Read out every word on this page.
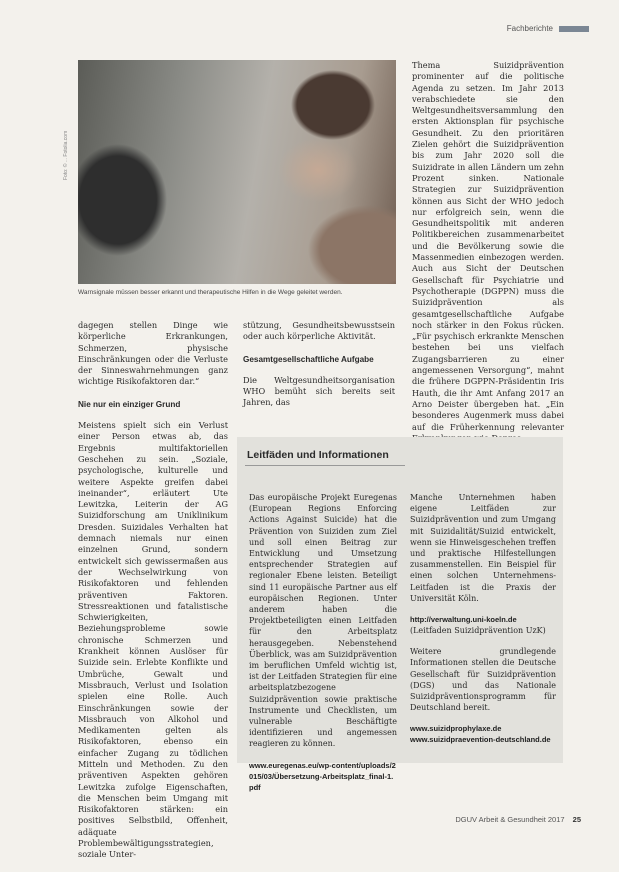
Fachberichte
Foto: © ... Fotolia.com
Warnsignale müssen besser erkannt und therapeutische Hilfen in die Wege geleitet werden.

dagegen stellen Dinge wie körperliche Erkrankungen, Schmerzen, physische Einschränkungen oder die Verluste der Sinneswahrnehmungen ganz wichtige Risikofaktoren dar.“

Nie nur ein einziger Grund

Meistens spielt sich ein Verlust einer Person etwas ab, das Ergebnis multifaktoriellen Geschehen zu sein. „Soziale, psychologische, kulturelle und weitere Aspekte greifen dabei ineinander“, erläutert Ute Lewitzka, Leiterin der AG Suizidforschung am Uniklinikum Dresden. Suizidales Verhalten hat demnach niemals nur einen einzelnen Grund, sondern entwickelt sich gewissermaßen aus der Wechselwirkung von Risikofaktoren und fehlenden präventiven Faktoren. Stressreaktionen und fatalistische Schwierigkeiten, Beziehungsprobleme sowie chronische Schmerzen und Krankheit können Auslöser für Suizide sein. Erlebte Konflikte und Umbrüche, Gewalt und Missbrauch, Verlust und Isolation spielen eine Rolle. Auch Einschränkungen sowie der Missbrauch von Alkohol und Medikamenten gelten als Risikofaktoren, ebenso ein einfacher Zugang zu tödlichen Mitteln und Methoden. Zu den präventiven Aspekten gehören Lewitzka zufolge Eigenschaften, die Menschen beim Umgang mit Risikofaktoren stärken: ein positives Selbstbild, Offenheit, adäquate Problembewältigungsstrategien, soziale Unter-

stützung, Gesundheitsbewusstsein oder auch körperliche Aktivität.

Gesamtgesellschaftliche Aufgabe

Die Weltgesundheitsorganisation WHO bemüht sich bereits seit Jahren, das

Thema Suizidprävention prominenter auf die politische Agenda zu setzen. Im Jahr 2013 verabschiedete sie den Weltgesundheitsversammlung den ersten Aktionsplan für psychische Gesundheit. Zu den prioritären Zielen gehört die Suizidprävention bis zum Jahr 2020 soll die Suizidrate in allen Ländern um zehn Prozent sinken. Nationale Strategien zur Suizidprävention können aus Sicht der WHO jedoch nur erfolgreich sein, wenn die Gesundheitspolitik mit anderen Politikbereichen zusammenarbeitet und die Bevölkerung sowie die Massenmedien einbezogen werden. Auch aus Sicht der Deutschen Gesellschaft für Psychiatrie und Psychotherapie (DGPPN) muss die Suizidprävention als gesamtgesellschaftliche Aufgabe noch stärker in den Fokus rücken. „Für psychisch erkrankte Menschen bestehen bei uns vielfach Zugangsbarrieren zu einer angemessenen Versorgung“, mahnt die frühere DGPPN-Präsidentin Iris Hauth, die ihr Amt Anfang 2017 an Arno Deister übergeben hat. „Ein besonderes Augenmerk muss dabei auf die Früherkennung relevanter

Leitfäden und Informationen

Das europäische Projekt Euregenas (European Regions Enforcing Actions Against Suicide) hat die Prävention von Suiziden zum Ziel und soll einen Beitrag zur Entwicklung und Umsetzung entsprechender Strategien auf regionaler Ebene leisten. Beteiligt sind 11 europäische Partner aus elf europäischen Regionen. Unter anderem haben die Projektbeteiligten einen Leitfaden für den Arbeitsplatz herausgegeben. Nebenstehend Überblick, was am Suizidprävention im beruflichen Umfeld wichtig ist, ist der Leitfaden Strategien für eine arbeitsplatzbezogene Suizidprävention sowie praktische Instrumente und Checklisten, um vulnerable Beschäftigte identifizieren und angemessen reagieren zu können.

www.euregenas.eu/wp-content/uploads/2015/03/Übersetzung-Arbeitsplatz_final-1.pdf

Manche Unternehmen haben eigene Leitfäden zur Suizidprävention und zum Umgang mit Suizidalität/Suizid entwickelt, wenn sie Hinweisgeschehen treffen und praktische Hilfestellungen zusammenstellen. Ein Beispiel für einen solchen Unternehmens-Leitfaden ist die Praxis der Universität Köln.

http://verwaltung.uni-koeln.de

(Leitfaden Suizidprävention UzK)

Weitere grundlegende Informationen stellen die Deutsche Gesellschaft für Suizidprävention (DGS) und das Nationale Suizidpräventionsprogramm für Deutschland bereit.

www.suizidprophylaxe.de
www.suizidpraevention-deutschland.de
DGUV Arbeit & Gesundheit 2017 25
